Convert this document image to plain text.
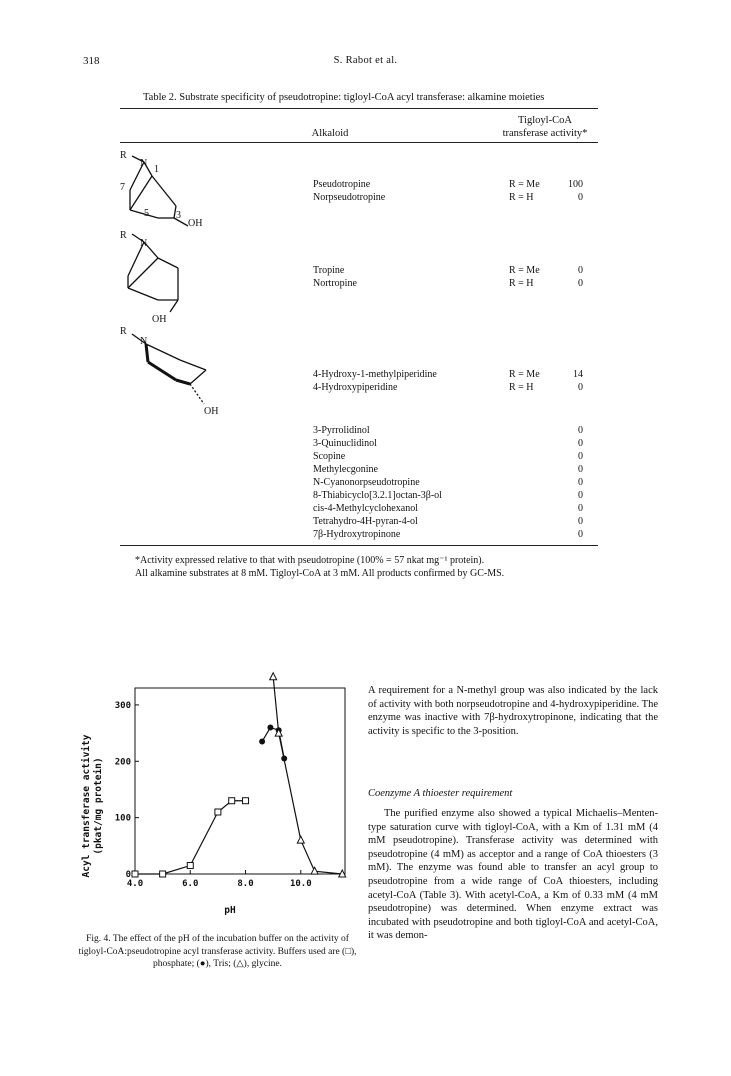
318	S. Rabot et al.
Table 2. Substrate specificity of pseudotropine: tigloyl-CoA acyl transferase: alkamine moieties
Tigloyl-CoA
transferase activity*
Alkaloid
R
N
1
7
5	3
OH
R
N
OH
R
N
OH
Pseudotropine	R = Me	100
Norpseudotropine	R = H	0
Tropine	R = Me	0
Nortropine	R = H	0
4-Hydroxy-1-methylpiperidine	R = Me	14
4-Hydroxypiperidine	R = H	0
3-Pyrrolidinol	0
3-Quinuclidinol	0
Scopine	0
Methylecgonine	0
N-Cyanonorpseudotropine	0
8-Thiabicyclo[3.2.1]octan-3β-ol	0
cis-4-Methylcyclohexanol	0
Tetrahydro-4H-pyran-4-ol	0
7β-Hydroxytropinone	0
*Activity expressed relative to that with pseudotropine (100% = 57 nkat mg⁻¹ protein).
All alkamine substrates at 8 mM. Tigloyl-CoA at 3 mM. All products confirmed by GC-MS.
Acyl transferase activity (pkat/mg protein)
pH
4.0	6.0	8.0	10.0
0
100
200
300
Fig. 4. The effect of the pH of the incubation buffer on the activity of tigloyl-CoA:pseudotropine acyl transferase activity. Buffers used are (□), phosphate; (●), Tris; (△), glycine.
A requirement for a N-methyl group was also indicated by the lack of activity with both norpseudotropine and 4-hydroxypiperidine. The enzyme was inactive with 7β-hydroxytropinone, indicating that the activity is specific to the 3-position.
Coenzyme A thioester requirement
The purified enzyme also showed a typical Michaelis–Menten-type saturation curve with tigloyl-CoA, with a Km of 1.31 mM (4 mM pseudotropine). Transferase activity was determined with pseudotropine (4 mM) as acceptor and a range of CoA thioesters (3 mM). The enzyme was found able to transfer an acyl group to pseudotropine from a wide range of CoA thioesters, including acetyl-CoA (Table 3). With acetyl-CoA, a Km of 0.33 mM (4 mM pseudotropine) was determined. When enzyme extract was incubated with pseudotropine and both tigloyl-CoA and acetyl-CoA, it was demon-
